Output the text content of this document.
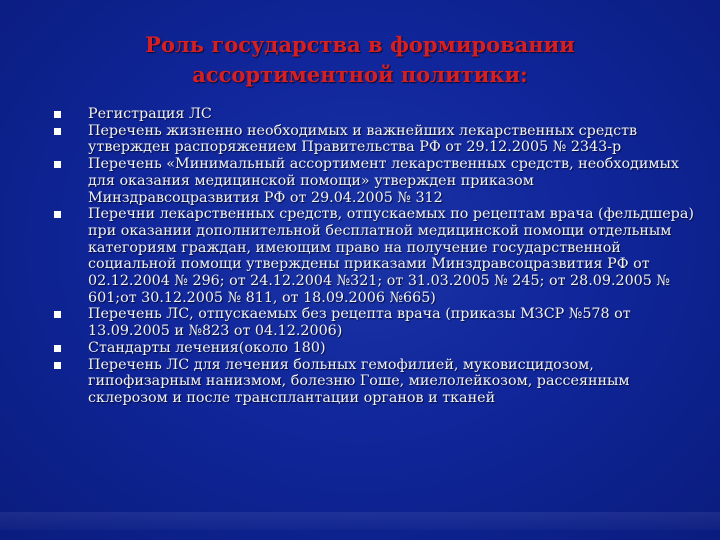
Роль государства в формировании
ассортиментной политики:
Регистрация ЛС
Перечень жизненно необходимых и важнейших лекарственных средств утвержден распоряжением Правительства РФ от 29.12.2005 № 2343-р
Перечень «Минимальный ассортимент лекарственных средств, необходимых для оказания медицинской помощи» утвержден приказом Минздравсоцразвития РФ от 29.04.2005 № 312
Перечни лекарственных средств, отпускаемых по рецептам врача (фельдшера) при оказании дополнительной бесплатной медицинской помощи отдельным категориям граждан, имеющим право на получение государственной социальной помощи утверждены приказами Минздравсоцразвития РФ от 02.12.2004 № 296; от 24.12.2004 №321; от 31.03.2005 № 245; от 28.09.2005 № 601;от 30.12.2005 № 811, от 18.09.2006 №665)
Перечень ЛС, отпускаемых без рецепта врача (приказы МЗСР №578 от 13.09.2005 и №823 от 04.12.2006)
Стандарты лечения(около 180)
Перечень ЛС для лечения больных гемофилией, муковисцидозом, гипофизарным нанизмом, болезню Гоше, миелолейкозом, рассеянным склерозом и после трансплантации органов и тканей
